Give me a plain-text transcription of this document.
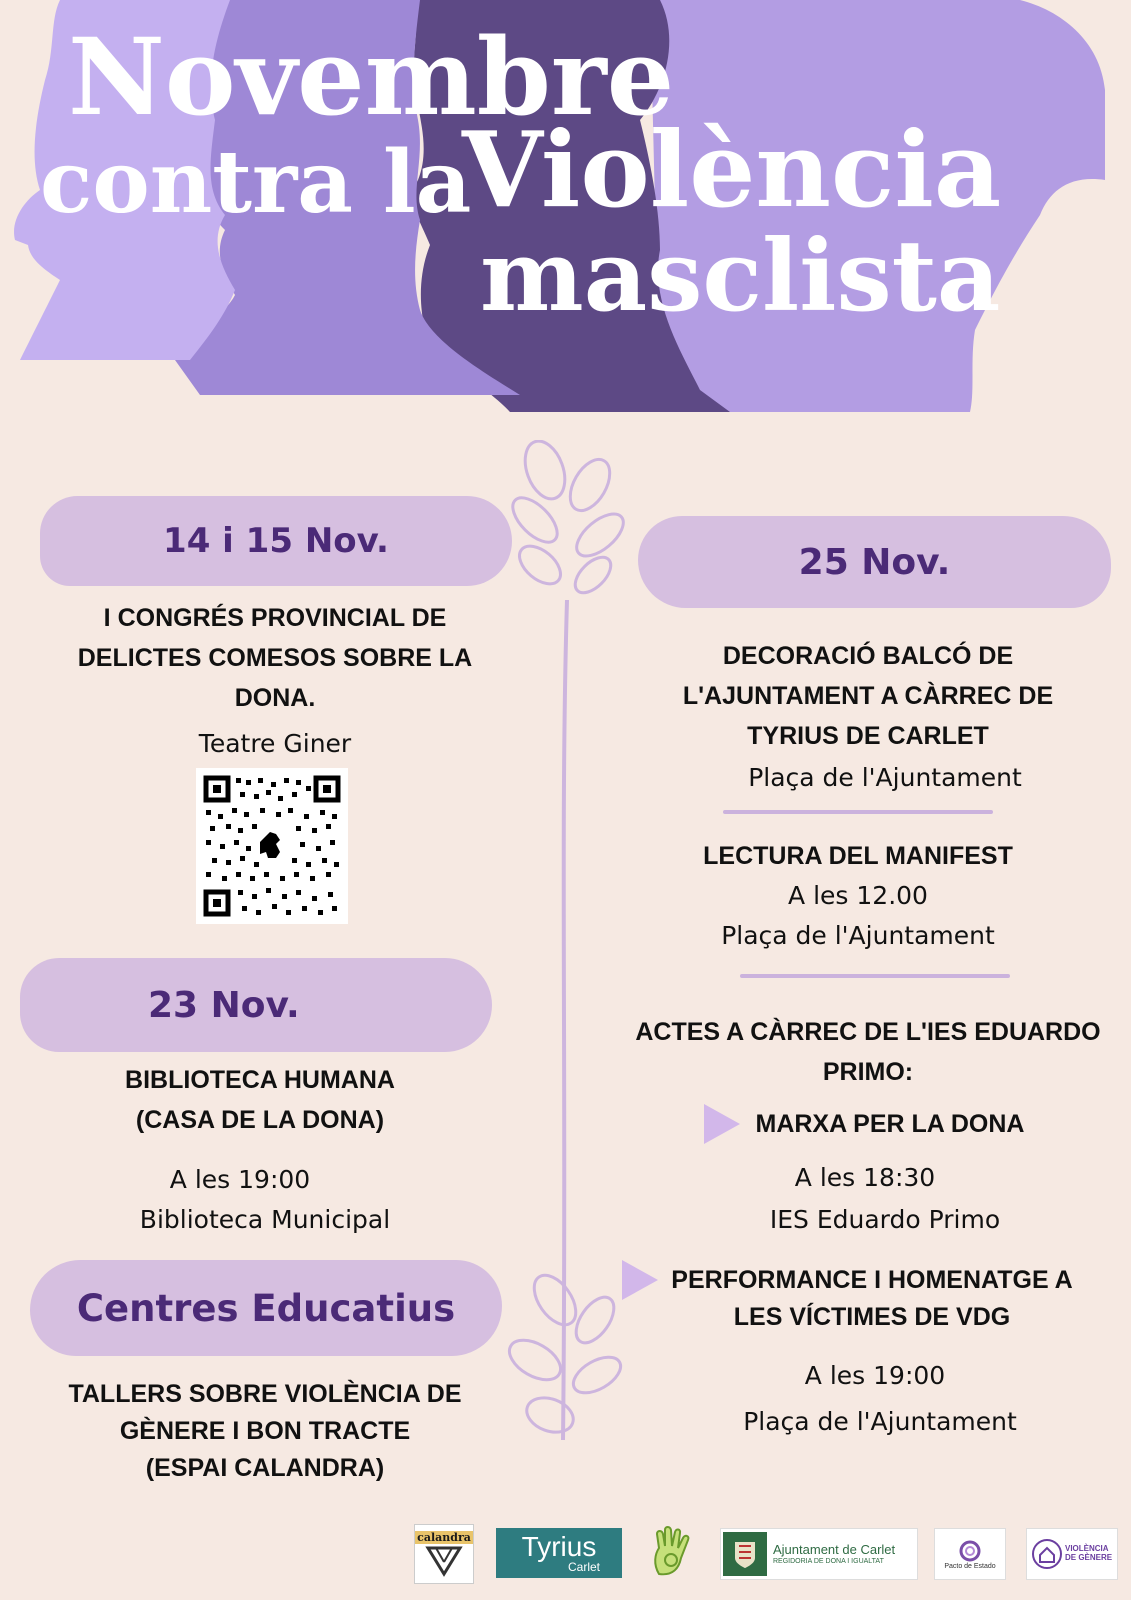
Novembre
contra la
Violència
masclista
14 i 15 Nov.
I CONGRÉS PROVINCIAL DE
DELICTES COMESOS SOBRE LA
DONA.
Teatre Giner
23 Nov.
BIBLIOTECA HUMANA
(CASA DE LA DONA)
A les 19:00
Biblioteca Municipal
Centres Educatius
TALLERS SOBRE VIOLÈNCIA DE
GÈNERE I BON TRACTE
(ESPAI CALANDRA)
25 Nov.
DECORACIÓ BALCÓ DE
L'AJUNTAMENT A CÀRREC DE
TYRIUS DE CARLET
Plaça de l'Ajuntament
LECTURA DEL MANIFEST
A les 12.00
Plaça de l'Ajuntament
ACTES A CÀRREC DE L'IES EDUARDO
PRIMO:
MARXA PER LA DONA
A les 18:30
IES Eduardo Primo
PERFORMANCE I HOMENATGE A
LES VÍCTIMES DE VDG
A les 19:00
Plaça de l'Ajuntament
calandra Tyrius
Carlet
Ajuntament de Carlet
REGIDORIA DE DONA I IGUALTAT
Pacto de Estado
VIOLÈNCIA DE GÈNERE
